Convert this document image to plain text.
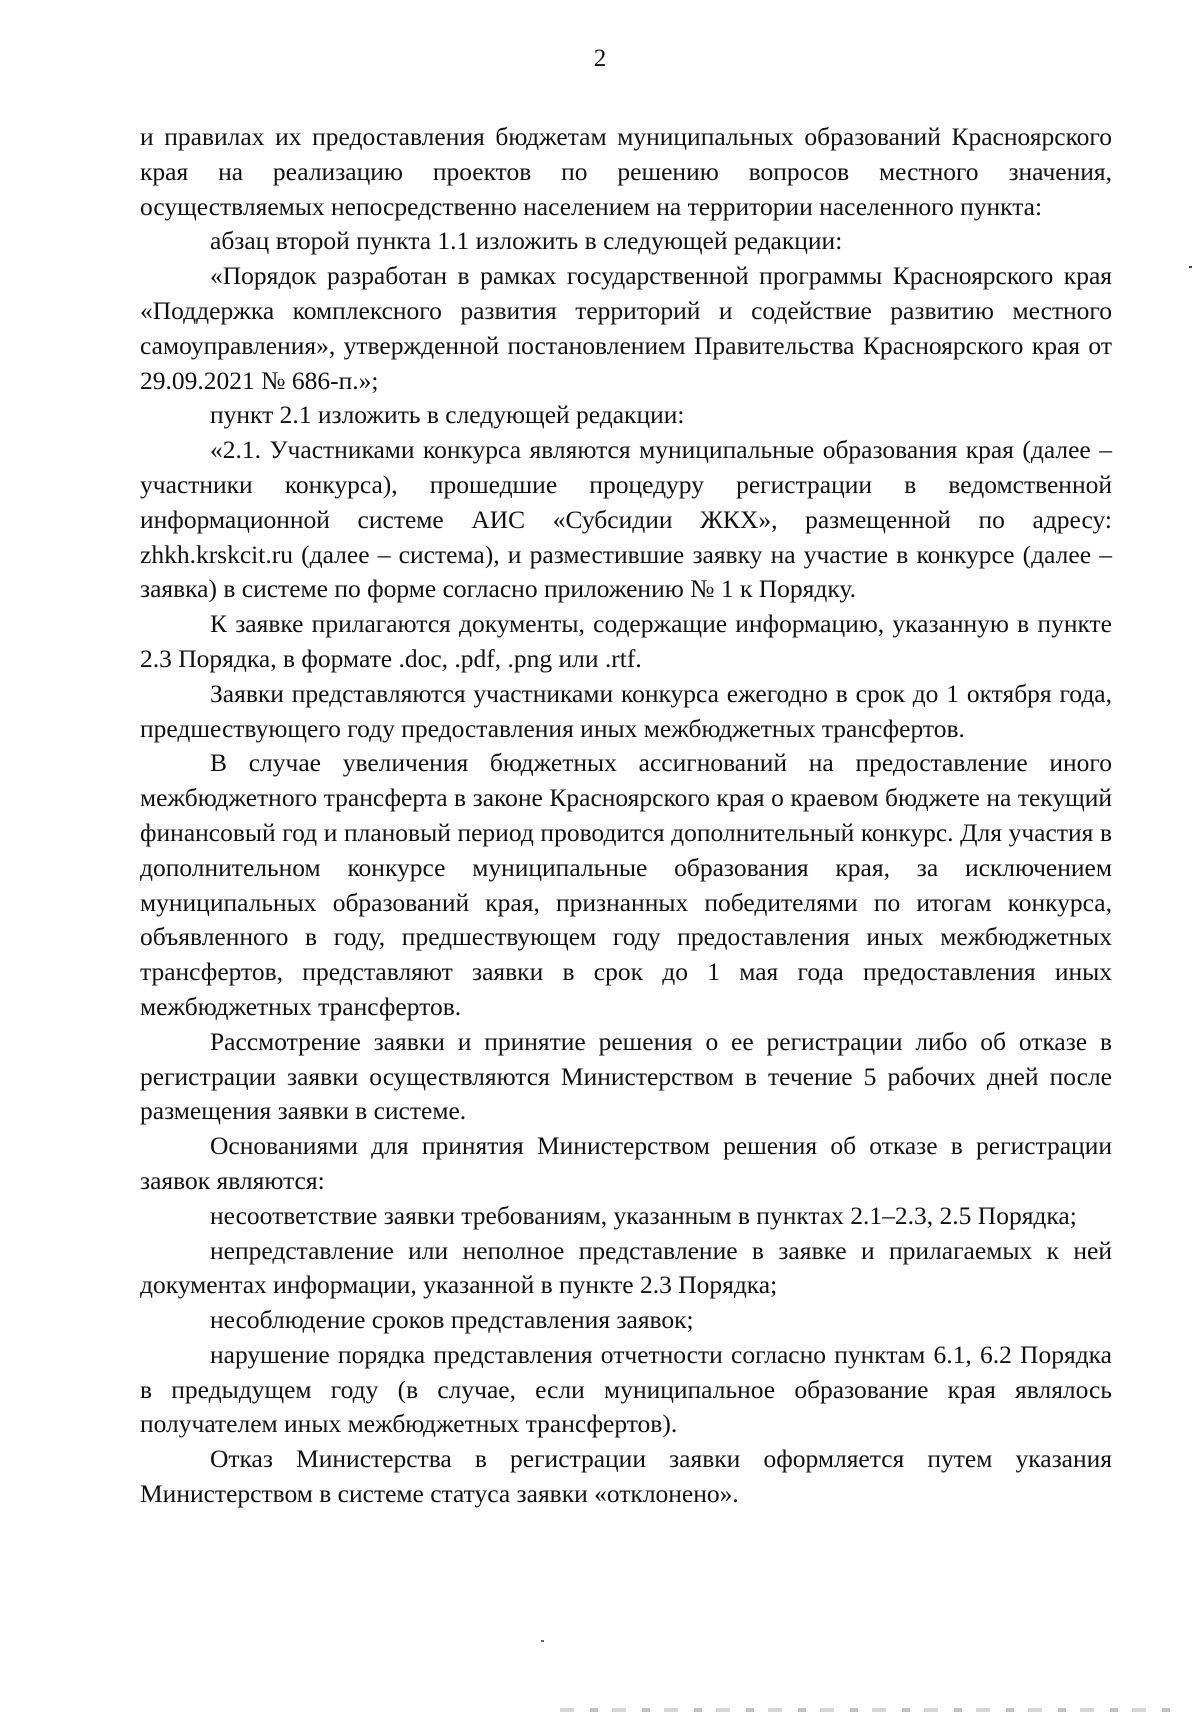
2

и правилах их предоставления бюджетам муниципальных образований Красноярского края на реализацию проектов по решению вопросов местного значения, осуществляемых непосредственно населением на территории населенного пункта:

абзац второй пункта 1.1 изложить в следующей редакции:

«Порядок разработан в рамках государственной программы Красноярского края «Поддержка комплексного развития территорий и содействие развитию местного самоуправления», утвержденной постановлением Правительства Красноярского края от 29.09.2021 № 686-п.»;

пункт 2.1 изложить в следующей редакции:

«2.1. Участниками конкурса являются муниципальные образования края (далее – участники конкурса), прошедшие процедуру регистрации в ведомственной информационной системе АИС «Субсидии ЖКХ», размещенной по адресу: zhkh.krskcit.ru (далее – система), и разместившие заявку на участие в конкурсе (далее – заявка) в системе по форме согласно приложению № 1 к Порядку.

К заявке прилагаются документы, содержащие информацию, указанную в пункте 2.3 Порядка, в формате .doc, .pdf, .png или .rtf.

Заявки представляются участниками конкурса ежегодно в срок до 1 октября года, предшествующего году предоставления иных межбюджетных трансфертов.

В случае увеличения бюджетных ассигнований на предоставление иного межбюджетного трансферта в законе Красноярского края о краевом бюджете на текущий финансовый год и плановый период проводится дополнительный конкурс. Для участия в дополнительном конкурсе муниципальные образования края, за исключением муниципальных образований края, признанных победителями по итогам конкурса, объявленного в году, предшествующем году предоставления иных межбюджетных трансфертов, представляют заявки в срок до 1 мая года предоставления иных межбюджетных трансфертов.

Рассмотрение заявки и принятие решения о ее регистрации либо об отказе в регистрации заявки осуществляются Министерством в течение 5 рабочих дней после размещения заявки в системе.

Основаниями для принятия Министерством решения об отказе в регистрации заявок являются:

несоответствие заявки требованиям, указанным в пунктах 2.1–2.3, 2.5 Порядка;

непредставление или неполное представление в заявке и прилагаемых к ней документах информации, указанной в пункте 2.3 Порядка;

несоблюдение сроков представления заявок;

нарушение порядка представления отчетности согласно пунктам 6.1, 6.2 Порядка в предыдущем году (в случае, если муниципальное образование края являлось получателем иных межбюджетных трансфертов).

Отказ Министерства в регистрации заявки оформляется путем указания Министерством в системе статуса заявки «отклонено».
